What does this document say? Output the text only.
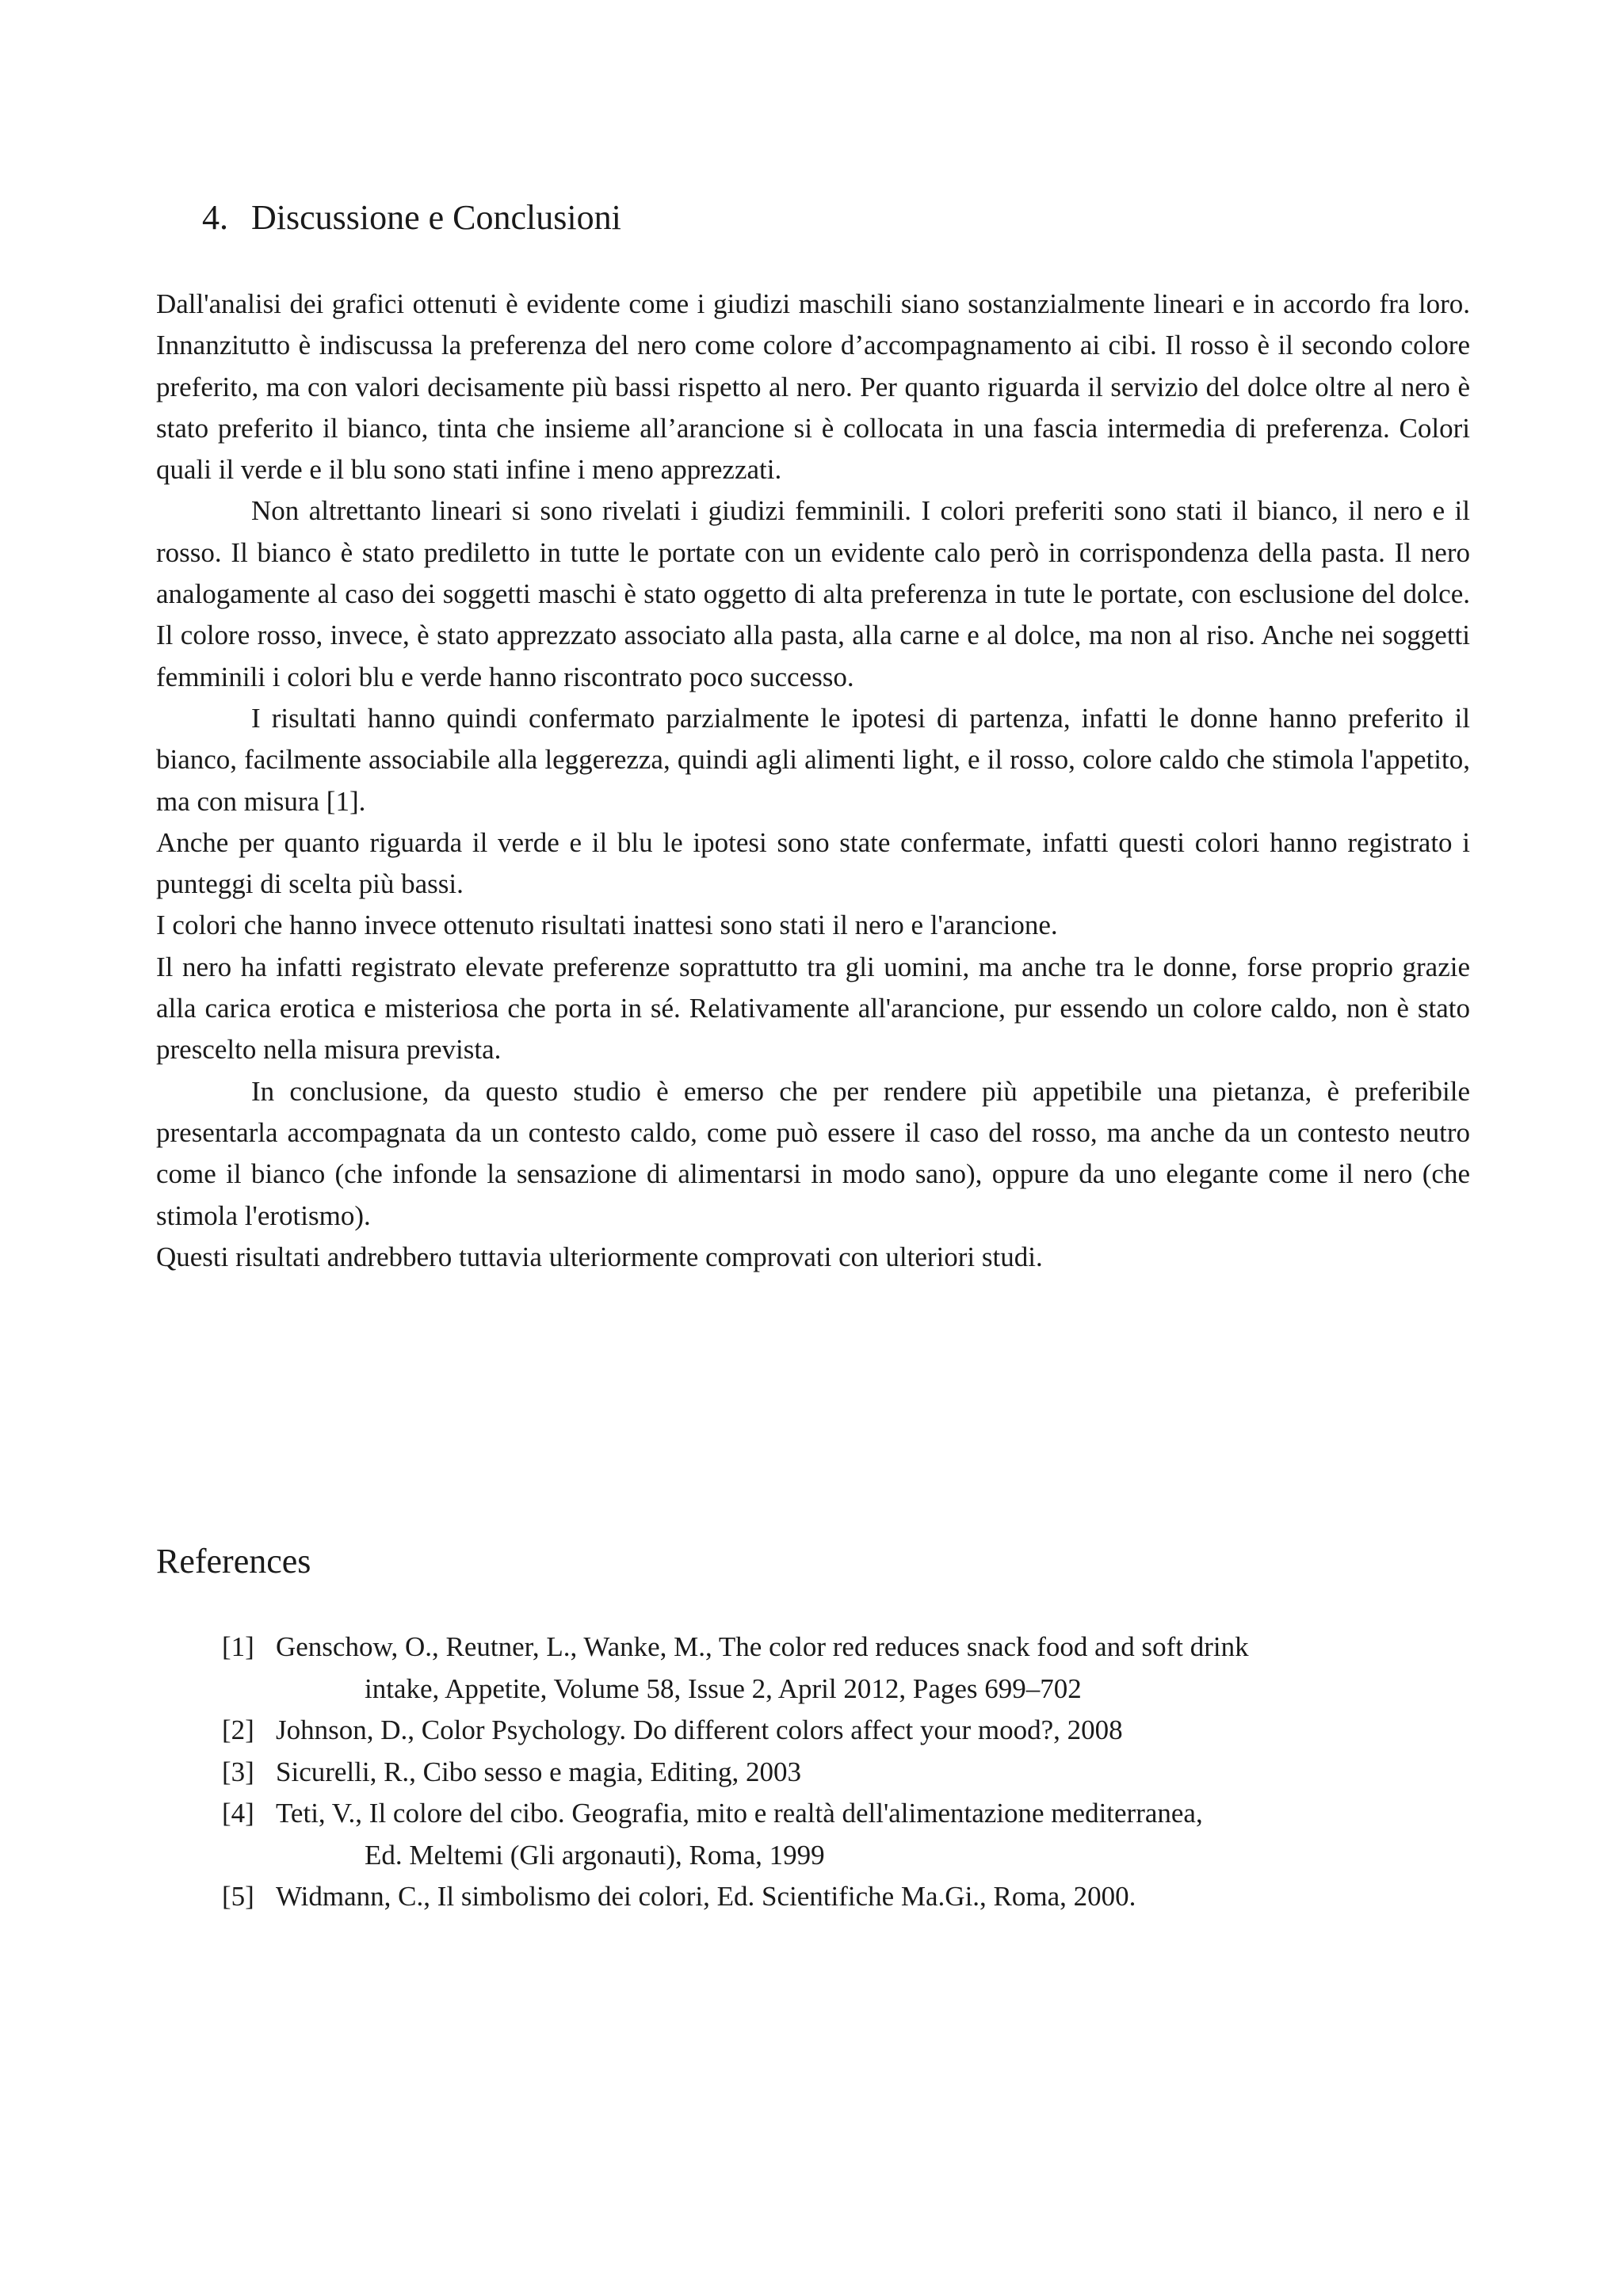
4. Discussione e Conclusioni

Dall'analisi dei grafici ottenuti è evidente come i giudizi maschili siano sostanzialmente lineari e in accordo fra loro. Innanzitutto è indiscussa la preferenza del nero come colore d’accompagnamento ai cibi. Il rosso è il secondo colore preferito, ma con valori decisamente più bassi rispetto al nero. Per quanto riguarda il servizio del dolce oltre al nero è stato preferito il bianco, tinta che insieme all’arancione si è collocata in una fascia intermedia di preferenza. Colori quali il verde e il blu sono stati infine i meno apprezzati.

Non altrettanto lineari si sono rivelati i giudizi femminili. I colori preferiti sono stati il bianco, il nero e il rosso. Il bianco è stato prediletto in tutte le portate con un evidente calo però in corrispondenza della pasta. Il nero analogamente al caso dei soggetti maschi è stato oggetto di alta preferenza in tute le portate, con esclusione del dolce. Il colore rosso, invece, è stato apprezzato associato alla pasta, alla carne e al dolce, ma non al riso. Anche nei soggetti femminili i colori blu e verde hanno riscontrato poco successo.

I risultati hanno quindi confermato parzialmente le ipotesi di partenza, infatti le donne hanno preferito il bianco, facilmente associabile alla leggerezza, quindi agli alimenti light, e il rosso, colore caldo che stimola l'appetito, ma con misura [1].

Anche per quanto riguarda il verde e il blu le ipotesi sono state confermate, infatti questi colori hanno registrato i punteggi di scelta più bassi.

I colori che hanno invece ottenuto risultati inattesi sono stati il nero e l'arancione.

Il nero ha infatti registrato elevate preferenze soprattutto tra gli uomini, ma anche tra le donne, forse proprio grazie alla carica erotica e misteriosa che porta in sé. Relativamente all'arancione, pur essendo un colore caldo, non è stato prescelto nella misura prevista.

In conclusione, da questo studio è emerso che per rendere più appetibile una pietanza, è preferibile presentarla accompagnata da un contesto caldo, come può essere il caso del rosso, ma anche da un contesto neutro come il bianco (che infonde la sensazione di alimentarsi in modo sano), oppure da uno elegante come il nero (che stimola l'erotismo).

Questi risultati andrebbero tuttavia ulteriormente comprovati con ulteriori studi.

References
[1] Genschow, O., Reutner, L., Wanke, M., The color red reduces snack food and soft drink
intake, Appetite, Volume 58, Issue 2, April 2012, Pages 699–702
[2] Johnson, D., Color Psychology. Do different colors affect your mood?, 2008
[3] Sicurelli, R., Cibo sesso e magia, Editing, 2003
[4] Teti, V., Il colore del cibo. Geografia, mito e realtà dell'alimentazione mediterranea,
Ed. Meltemi (Gli argonauti), Roma, 1999
[5] Widmann, C., Il simbolismo dei colori, Ed. Scientifiche Ma.Gi., Roma, 2000.
